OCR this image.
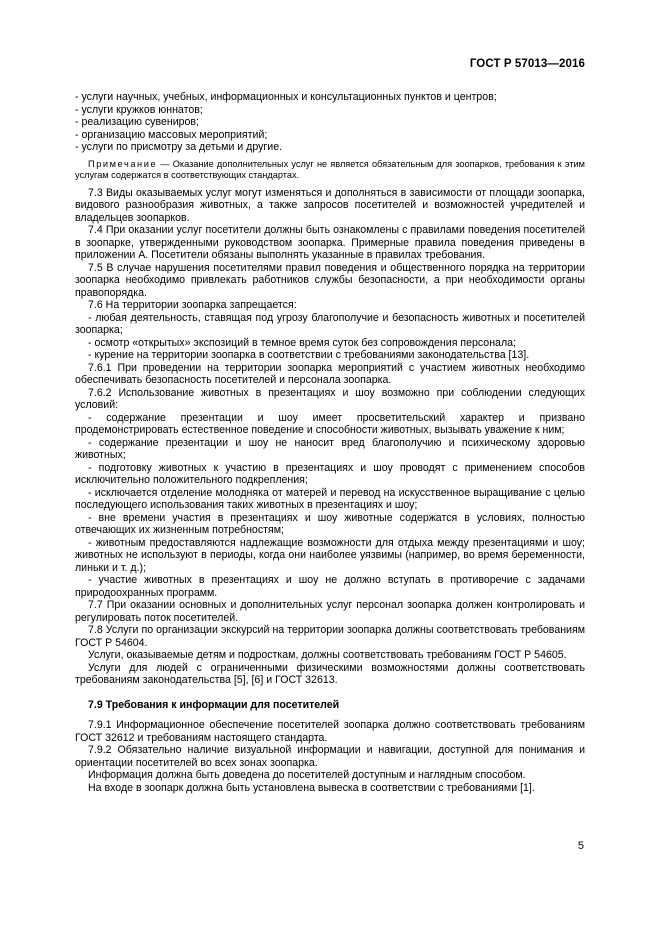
ГОСТ Р 57013—2016

- услуги научных, учебных, информационных и консультационных пунктов и центров;

- услуги кружков юннатов;

- реализацию сувениров;

- организацию массовых мероприятий;

- услуги по присмотру за детьми и другие.

Примечание — Оказание дополнительных услуг не является обязательным для зоопарков, требования к этим услугам содержатся в соответствующих стандартах.

7.3 Виды оказываемых услуг могут изменяться и дополняться в зависимости от площади зоопарка, видового разнообразия животных, а также запросов посетителей и возможностей учредителей и владельцев зоопарков.

7.4 При оказании услуг посетители должны быть ознакомлены с правилами поведения посетителей в зоопарке, утвержденными руководством зоопарка. Примерные правила поведения приведены в приложении А. Посетители обязаны выполнять указанные в правилах требования.

7.5 В случае нарушения посетителями правил поведения и общественного порядка на территории зоопарка необходимо привлекать работников службы безопасности, а при необходимости органы правопорядка.

7.6 На территории зоопарка запрещается:

- любая деятельность, ставящая под угрозу благополучие и безопасность животных и посетителей зоопарка;

- осмотр «открытых» экспозиций в темное время суток без сопровождения персонала;

- курение на территории зоопарка в соответствии с требованиями законодательства [13].

7.6.1 При проведении на территории зоопарка мероприятий с участием животных необходимо обеспечивать безопасность посетителей и персонала зоопарка.

7.6.2 Использование животных в презентациях и шоу возможно при соблюдении следующих условий:

- содержание презентации и шоу имеет просветительский характер и призвано продемонстрировать естественное поведение и способности животных, вызывать уважение к ним;

- содержание презентации и шоу не наносит вред благополучию и психическому здоровью животных;

- подготовку животных к участию в презентациях и шоу проводят с применением способов исключительно положительного подкрепления;

- исключается отделение молодняка от матерей и перевод на искусственное выращивание с целью последующего использования таких животных в презентациях и шоу;

- вне времени участия в презентациях и шоу животные содержатся в условиях, полностью отвечающих их жизненным потребностям;

- животным предоставляются надлежащие возможности для отдыха между презентациями и шоу; животных не используют в периоды, когда они наиболее уязвимы (например, во время беременности, линьки и т. д.);

- участие животных в презентациях и шоу не должно вступать в противоречие с задачами природоохранных программ.

7.7 При оказании основных и дополнительных услуг персонал зоопарка должен контролировать и регулировать поток посетителей.

7.8 Услуги по организации экскурсий на территории зоопарка должны соответствовать требованиям ГОСТ Р 54604.

Услуги, оказываемые детям и подросткам, должны соответствовать требованиям ГОСТ Р 54605.

Услуги для людей с ограниченными физическими возможностями должны соответствовать требованиям законодательства [5], [6] и ГОСТ 32613.

7.9 Требования к информации для посетителей

7.9.1 Информационное обеспечение посетителей зоопарка должно соответствовать требованиям ГОСТ 32612 и требованиям настоящего стандарта.

7.9.2 Обязательно наличие визуальной информации и навигации, доступной для понимания и ориентации посетителей во всех зонах зоопарка.

Информация должна быть доведена до посетителей доступным и наглядным способом.

На входе в зоопарк должна быть установлена вывеска в соответствии с требованиями [1].

5
